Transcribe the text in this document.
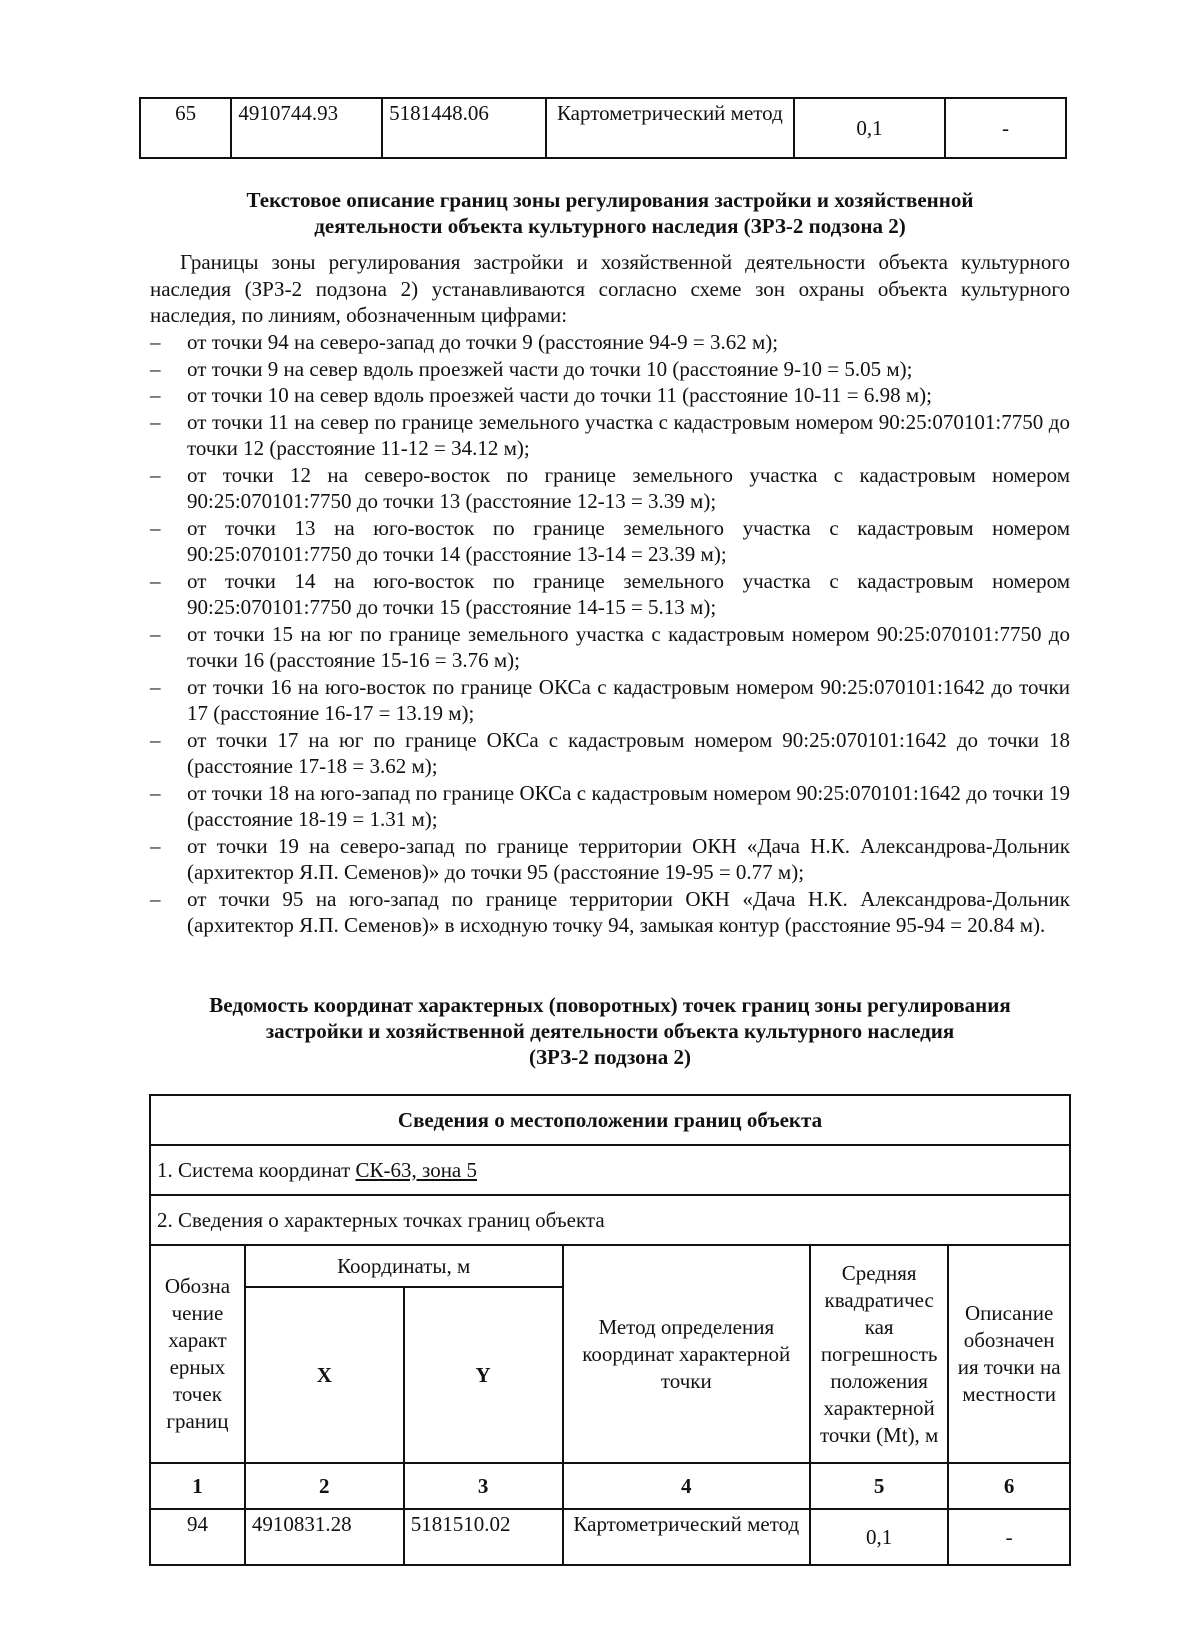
65	4910744.93	5181448.06	Картометрический метод	0,1	-
Текстовое описание границ зоны регулирования застройки и хозяйственной
деятельности объекта культурного наследия (ЗРЗ-2 подзона 2)

Границы зоны регулирования застройки и хозяйственной деятельности объекта культурного наследия (ЗРЗ-2 подзона 2) устанавливаются согласно схеме зон охраны объекта культурного наследия, по линиям, обозначенным цифрами:

– от точки 94 на северо-запад до точки 9 (расстояние 94-9 = 3.62 м);
– от точки 9 на север вдоль проезжей части до точки 10 (расстояние 9-10 = 5.05 м);
– от точки 10 на север вдоль проезжей части до точки 11 (расстояние 10-11 = 6.98 м);
– от точки 11 на север по границе земельного участка с кадастровым номером 90:25:070101:7750 до точки 12 (расстояние 11-12 = 34.12 м);
– от точки 12 на северо-восток по границе земельного участка с кадастровым номером 90:25:070101:7750 до точки 13 (расстояние 12-13 = 3.39 м);
– от точки 13 на юго-восток по границе земельного участка с кадастровым номером 90:25:070101:7750 до точки 14 (расстояние 13-14 = 23.39 м);
– от точки 14 на юго-восток по границе земельного участка с кадастровым номером 90:25:070101:7750 до точки 15 (расстояние 14-15 = 5.13 м);
– от точки 15 на юг по границе земельного участка с кадастровым номером 90:25:070101:7750 до точки 16 (расстояние 15-16 = 3.76 м);
– от точки 16 на юго-восток по границе ОКСа с кадастровым номером 90:25:070101:1642 до точки 17 (расстояние 16-17 = 13.19 м);
– от точки 17 на юг по границе ОКСа с кадастровым номером 90:25:070101:1642 до точки 18 (расстояние 17-18 = 3.62 м);
– от точки 18 на юго-запад по границе ОКСа с кадастровым номером 90:25:070101:1642 до точки 19 (расстояние 18-19 = 1.31 м);
– от точки 19 на северо-запад по границе территории ОКН «Дача Н.К. Александрова-Дольник (архитектор Я.П. Семенов)» до точки 95 (расстояние 19-95 = 0.77 м);
– от точки 95 на юго-запад по границе территории ОКН «Дача Н.К. Александрова-Дольник (архитектор Я.П. Семенов)» в исходную точку 94, замыкая контур (расстояние 95-94 = 20.84 м).
Ведомость координат характерных (поворотных) точек границ зоны регулирования
застройки и хозяйственной деятельности объекта культурного наследия
(ЗРЗ-2 подзона 2)
Сведения о местоположении границ объекта					
1. Система координат СК-63, зона 5					
2. Сведения о характерных точках границ объекта					
Обозна чение характ ерных точек границ	Координаты, м		Метод определения координат характерной точки	Средняя квадратичес кая погрешность положения характерной точки (Mt), м	Описание обозначен ия точки на местности
	X	Y			
1	2	3	4	5	6
94	4910831.28	5181510.02	Картометрический метод	0,1	-
